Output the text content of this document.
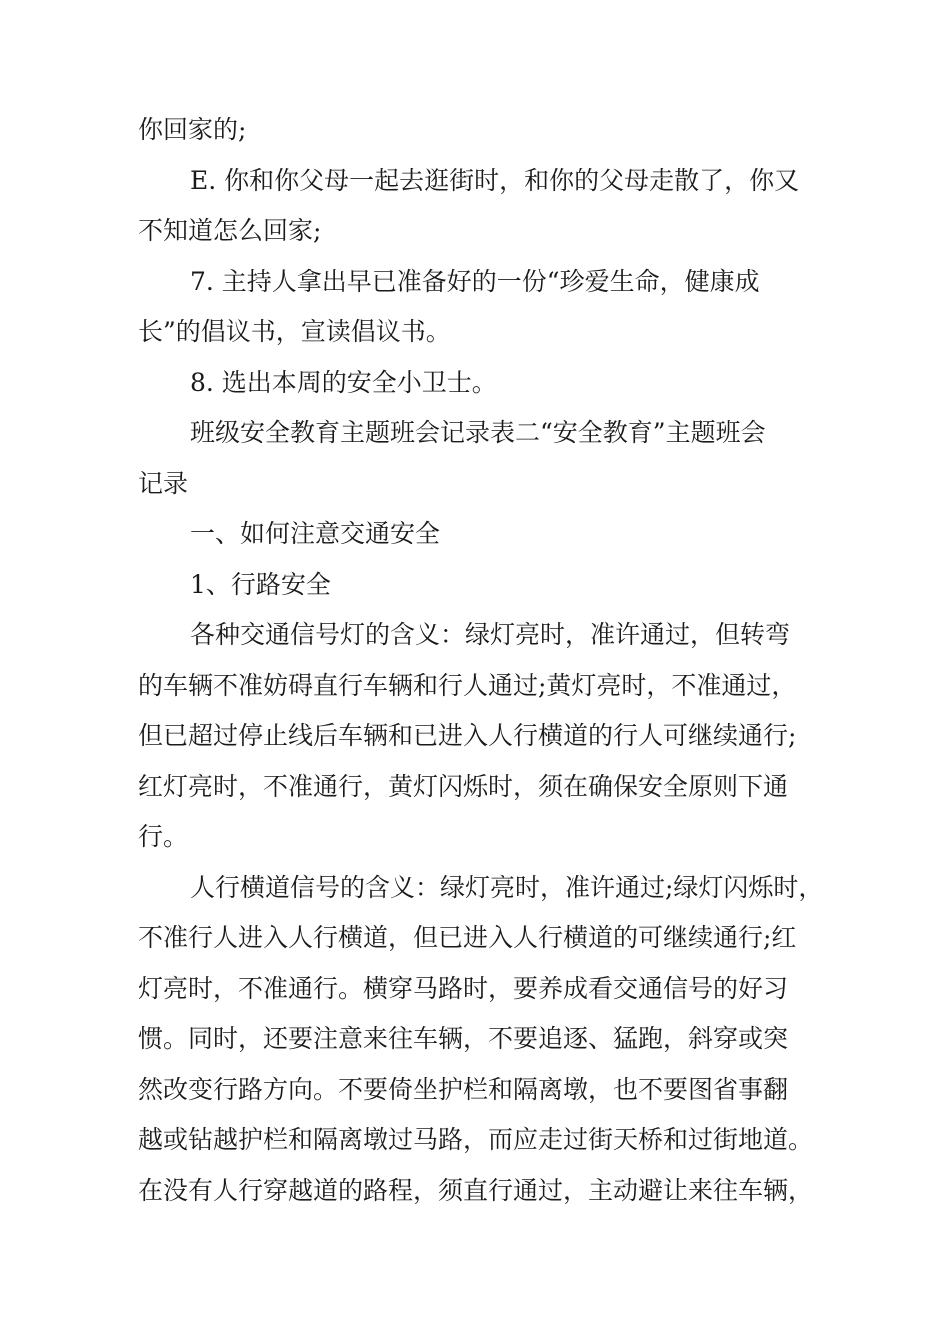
你回家的;
E. 你和你父母一起去逛街时，和你的父母走散了，你又
不知道怎么回家;
7. 主持人拿出早已准备好的一份“珍爱生命，健康成
长”的倡议书，宣读倡议书。
8. 选出本周的安全小卫士。
班级安全教育主题班会记录表二“安全教育”主题班会
记录
一、如何注意交通安全
1、行路安全
各种交通信号灯的含义：绿灯亮时，准许通过，但转弯
的车辆不准妨碍直行车辆和行人通过;黄灯亮时，不准通过，
但已超过停止线后车辆和已进入人行横道的行人可继续通行;
红灯亮时，不准通行，黄灯闪烁时，须在确保安全原则下通
行。
人行横道信号的含义：绿灯亮时，准许通过;绿灯闪烁时，
不准行人进入人行横道，但已进入人行横道的可继续通行;红
灯亮时，不准通行。横穿马路时，要养成看交通信号的好习
惯。同时，还要注意来往车辆，不要追逐、猛跑，斜穿或突
然改变行路方向。不要倚坐护栏和隔离墩，也不要图省事翻
越或钻越护栏和隔离墩过马路，而应走过街天桥和过街地道。
在没有人行穿越道的路程，须直行通过，主动避让来往车辆，
